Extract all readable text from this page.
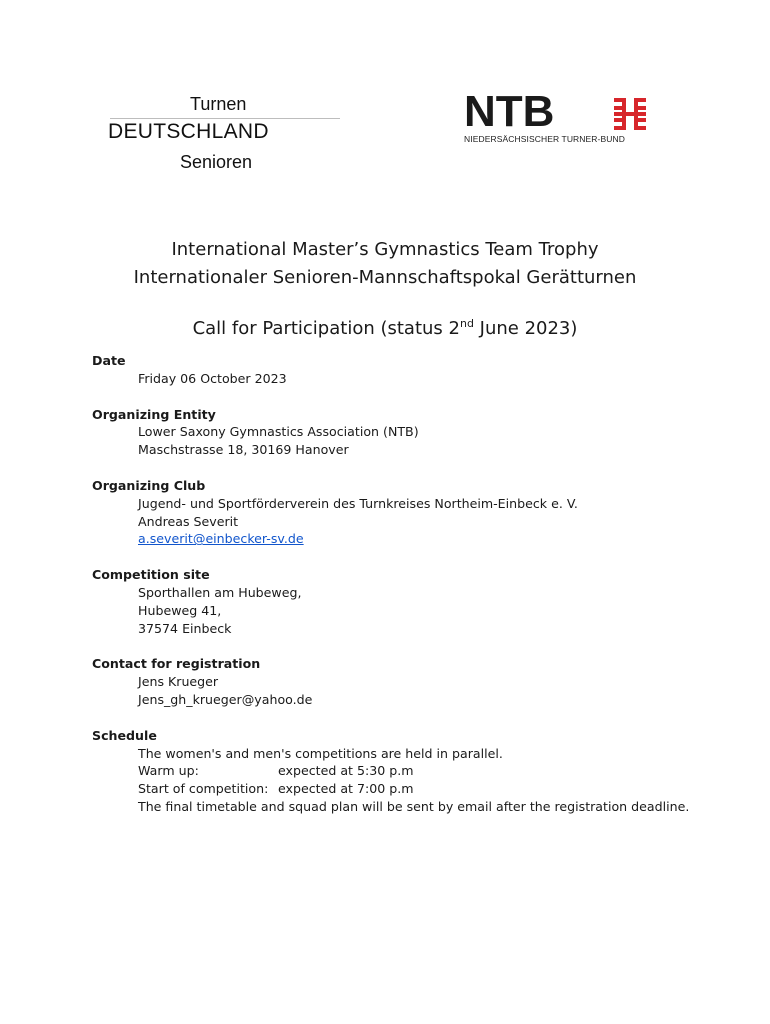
Turnen
DEUTSCHLAND
Senioren
NTB
NIEDERSÄCHSISCHER TURNER-BUND
International Master’s Gymnastics Team Trophy
Internationaler Senioren-Mannschaftspokal Gerätturnen
Call for Participation (status 2nd June 2023)
Date
Friday 06 October 2023
Organizing Entity
Lower Saxony Gymnastics Association (NTB)
Maschstrasse 18, 30169 Hanover
Organizing Club
Jugend- und Sportförderverein des Turnkreises Northeim-Einbeck e. V.
Andreas Severit
a.severit@einbecker-sv.de
Competition site
Sporthallen am Hubeweg,
Hubeweg 41,
37574 Einbeck
Contact for registration
Jens Krueger
Jens_gh_krueger@yahoo.de
Schedule
The women's and men's competitions are held in parallel.
Warm up:	expected at 5:30 p.m
Start of competition: expected at 7:00 p.m
The final timetable and squad plan will be sent by email after the registration deadline.
